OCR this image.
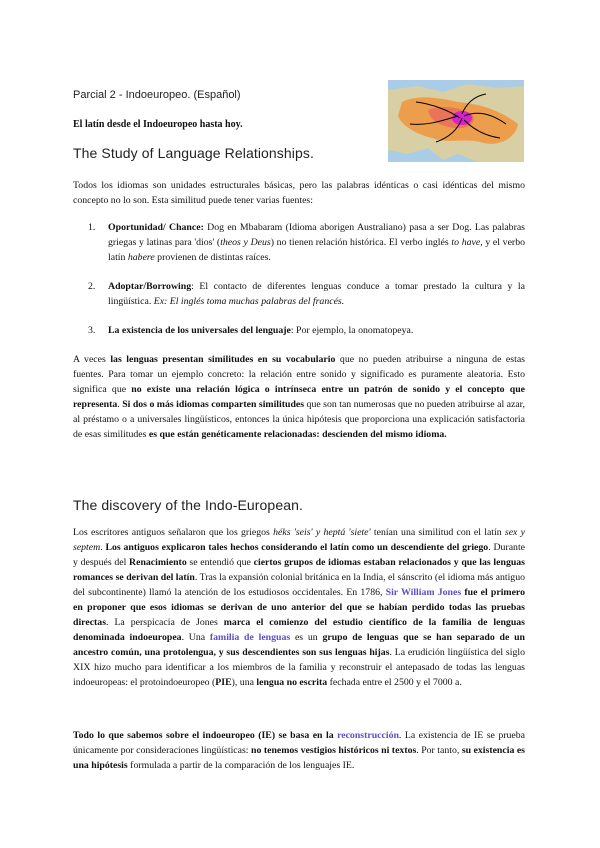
Parcial 2 - Indoeuropeo. (Español)
El latín desde el Indoeuropeo hasta hoy.
The Study of Language Relationships.
Todos los idiomas son unidades estructurales básicas, pero las palabras idénticas o casi idénticas del mismo concepto no lo son. Esta similitud puede tener varias fuentes:
1. Oportunidad/ Chance: Dog en Mbabaram (Idioma aborigen Australiano) pasa a ser Dog. Las palabras griegas y latinas para 'dios' (theos y Deus) no tienen relación histórica. El verbo inglés to have, y el verbo latín habere provienen de distintas raíces.
2. Adoptar/Borrowing: El contacto de diferentes lenguas conduce a tomar prestado la cultura y la lingüística. Ex: El inglés toma muchas palabras del francés.
3. La existencia de los universales del lenguaje: Por ejemplo, la onomatopeya.
A veces las lenguas presentan similitudes en su vocabulario que no pueden atribuirse a ninguna de estas fuentes. Para tomar un ejemplo concreto: la relación entre sonido y significado es puramente aleatoria. Esto significa que no existe una relación lógica o intrínseca entre un patrón de sonido y el concepto que representa. Si dos o más idiomas comparten similitudes que son tan numerosas que no pueden atribuirse al azar, al préstamo o a universales lingüísticos, entonces la única hipótesis que proporciona una explicación satisfactoria de esas similitudes es que están genéticamente relacionadas: descienden del mismo idioma.
The discovery of the Indo-European.
Los escritores antiguos señalaron que los griegos héks 'seis' y heptá 'siete' tenían una similitud con el latín sex y septem. Los antiguos explicaron tales hechos considerando el latín como un descendiente del griego. Durante y después del Renacimiento se entendió que ciertos grupos de idiomas estaban relacionados y que las lenguas romances se derivan del latín. Tras la expansión colonial británica en la India, el sánscrito (el idioma más antiguo del subcontinente) llamó la atención de los estudiosos occidentales. En 1786, Sir William Jones fue el primero en proponer que esos idiomas se derivan de uno anterior del que se habían perdido todas las pruebas directas. La perspicacia de Jones marca el comienzo del estudio científico de la familia de lenguas denominada indoeuropea. Una familia de lenguas es un grupo de lenguas que se han separado de un ancestro común, una protolengua, y sus descendientes son sus lenguas hijas. La erudición lingüística del siglo XIX hizo mucho para identificar a los miembros de la familia y reconstruir el antepasado de todas las lenguas indoeuropeas: el protoindoeuropeo (PIE), una lengua no escrita fechada entre el 2500 y el 7000 a.
Todo lo que sabemos sobre el indoeuropeo (IE) se basa en la reconstrucción. La existencia de IE se prueba únicamente por consideraciones lingüísticas: no tenemos vestigios históricos ni textos. Por tanto, su existencia es una hipótesis formulada a partir de la comparación de los lenguajes IE.
